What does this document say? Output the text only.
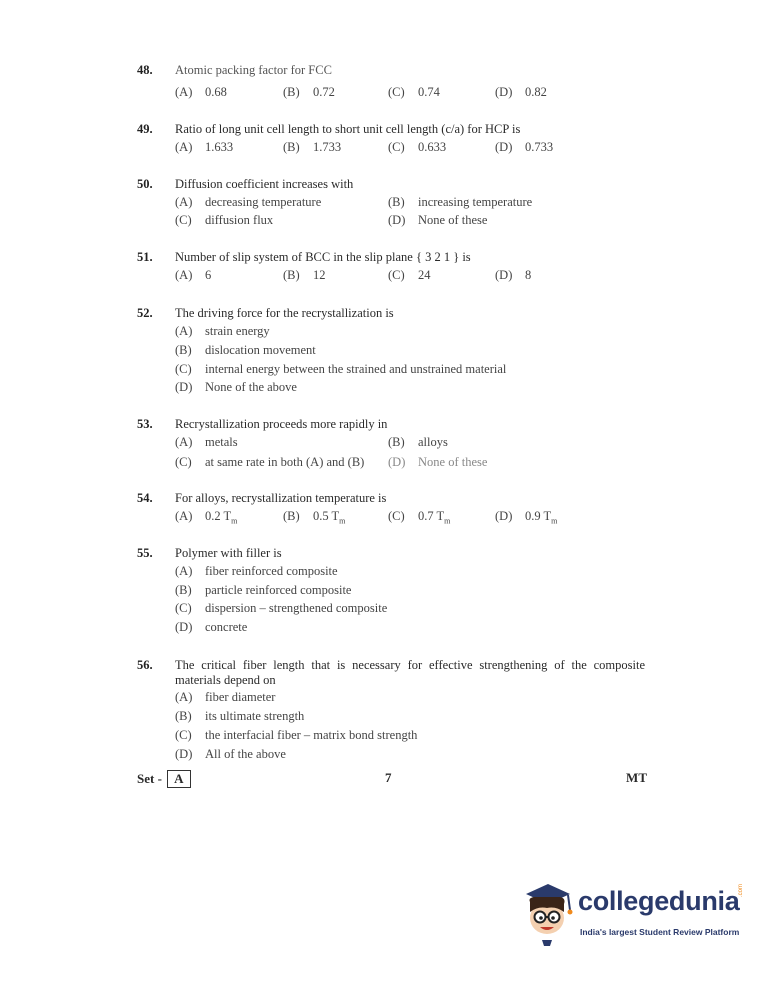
48. Atomic packing factor for FCC
(A) 0.68	(B) 0.72	(C) 0.74	(D) 0.82
49. Ratio of long unit cell length to short unit cell length (c/a) for HCP is
(A) 1.633	(B) 1.733	(C) 0.633	(D) 0.733
50. Diffusion coefficient increases with
(A) decreasing temperature	(B) increasing temperature
(C) diffusion flux	(D) None of these
51. Number of slip system of BCC in the slip plane { 3 2 1 } is
(A) 6	(B) 12	(C) 24	(D) 8
52. The driving force for the recrystallization is
(A) strain energy
(B) dislocation movement
(C) internal energy between the strained and unstrained material
(D) None of the above
53. Recrystallization proceeds more rapidly in
(A) metals	(B) alloys
(C) at same rate in both (A) and (B) (D) None of these
54. For alloys, recrystallization temperature is
(A) 0.2 $T_m$	(B) 0.5 $T_m$	(C) 0.7 $T_m$	(D) 0.9 $T_m$
55. Polymer with filler is
(A) fiber reinforced composite
(B) particle reinforced composite
(C) dispersion – strengthened composite
(D) concrete
56. The critical fiber length that is necessary for effective strengthening of the composite materials depend on
(A) fiber diameter
(B) its ultimate strength
(C) the interfacial fiber – matrix bond strength
(D) All of the above
Set - A	7	MT
collegedunia
.com
India's largest Student Review Platform
